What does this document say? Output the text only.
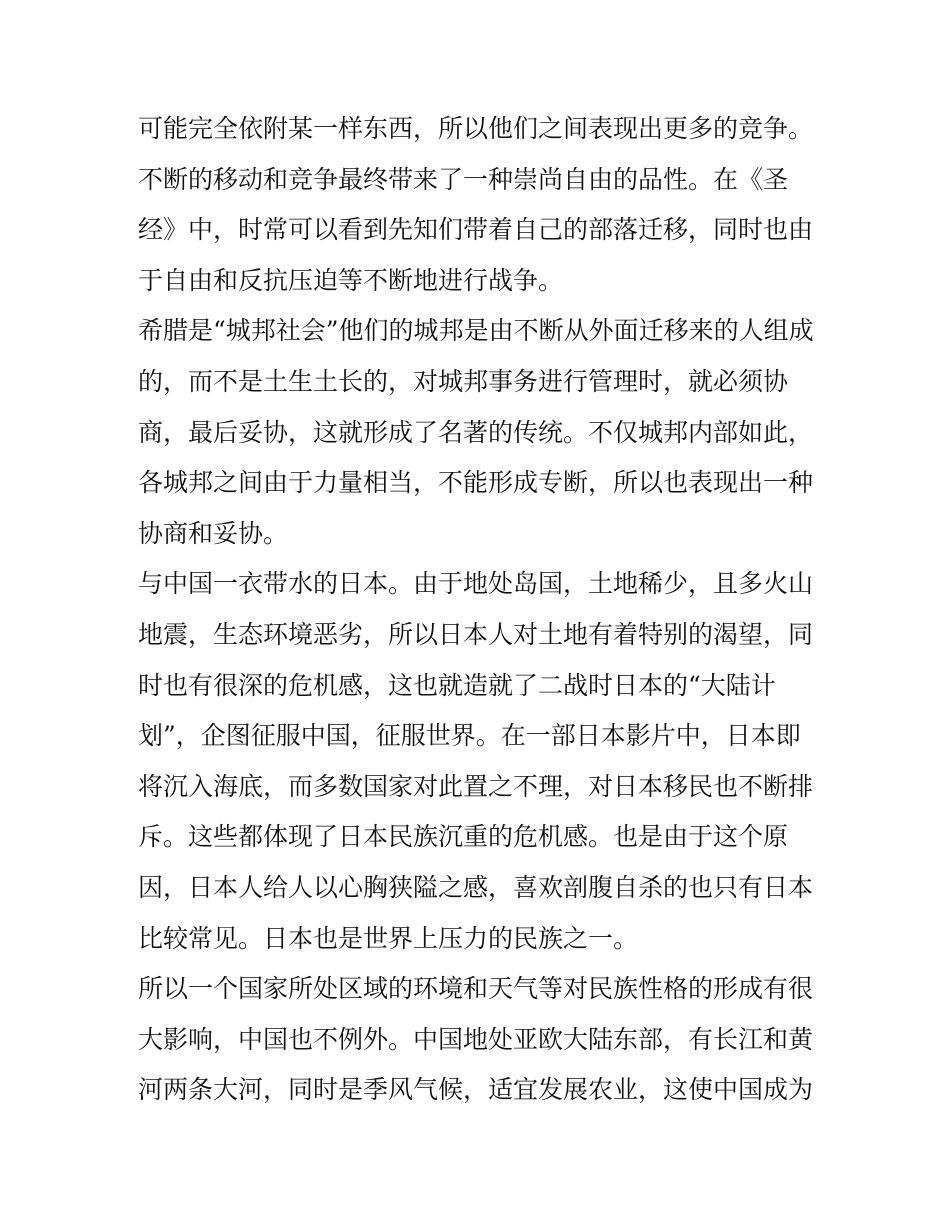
可能完全依附某一样东西，所以他们之间表现出更多的竞争。
不断的移动和竞争最终带来了一种崇尚自由的品性。在《圣
经》中，时常可以看到先知们带着自己的部落迁移，同时也由
于自由和反抗压迫等不断地进行战争。
希腊是“城邦社会”他们的城邦是由不断从外面迁移来的人组成
的，而不是土生土长的，对城邦事务进行管理时，就必须协
商，最后妥协，这就形成了名著的传统。不仅城邦内部如此，
各城邦之间由于力量相当，不能形成专断，所以也表现出一种
协商和妥协。
与中国一衣带水的日本。由于地处岛国，土地稀少，且多火山
地震，生态环境恶劣，所以日本人对土地有着特别的渴望，同
时也有很深的危机感，这也就造就了二战时日本的“大陆计
划”，企图征服中国，征服世界。在一部日本影片中，日本即
将沉入海底，而多数国家对此置之不理，对日本移民也不断排
斥。这些都体现了日本民族沉重的危机感。也是由于这个原
因，日本人给人以心胸狭隘之感，喜欢剖腹自杀的也只有日本
比较常见。日本也是世界上压力的民族之一。
所以一个国家所处区域的环境和天气等对民族性格的形成有很
大影响，中国也不例外。中国地处亚欧大陆东部，有长江和黄
河两条大河，同时是季风气候，适宜发展农业，这使中国成为
